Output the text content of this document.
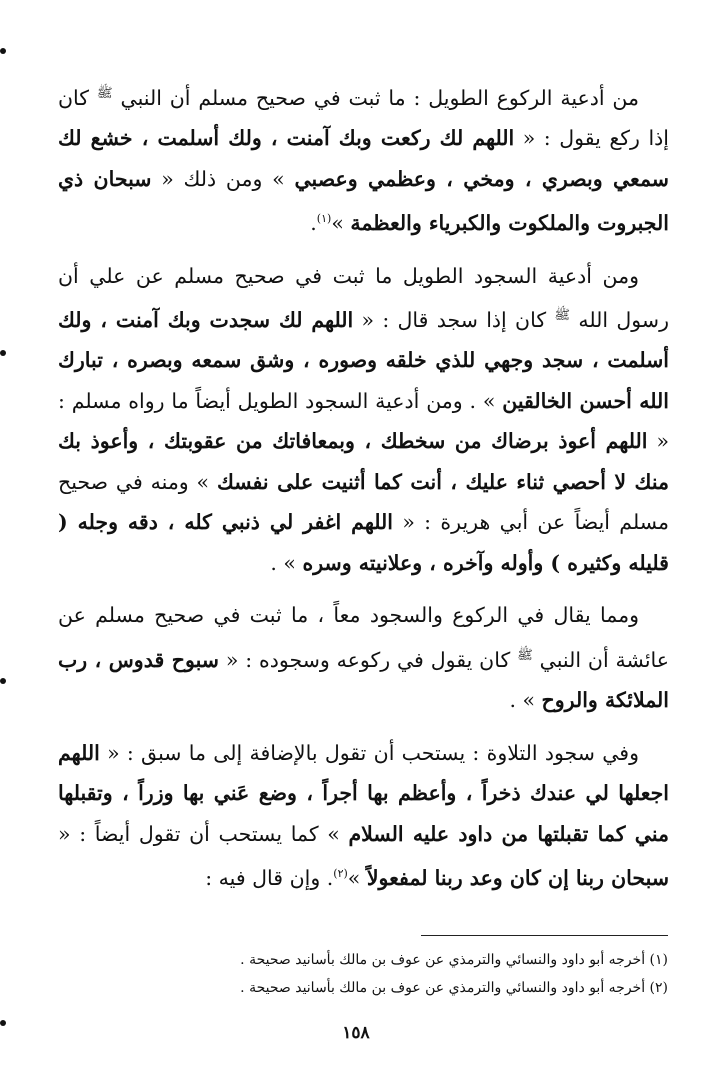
من أدعية الركوع الطويل : ما ثبت في صحيح مسلم أن النبي $^ﷺ$ كان إذا ركع يقول : « اللهم لك ركعت وبك آمنت ، ولك أسلمت ، خشع لك سمعي وبصري ، ومخي ، وعظمي وعصبي » ومن ذلك « سبحان ذي الجبروت والملكوت والكبرياء والعظمة »$^{(١)}$.

ومن أدعية السجود الطويل ما ثبت في صحيح مسلم عن علي أن رسول الله $^ﷺ$ كان إذا سجد قال : « اللهم لك سجدت وبك آمنت ، ولك أسلمت ، سجد وجهي للذي خلقه وصوره ، وشق سمعه وبصره ، تبارك الله أحسن الخالقين » . ومن أدعية السجود الطويل أيضاً ما رواه مسلم : « اللهم أعوذ برضاك من سخطك ، وبمعافاتك من عقوبتك ، وأعوذ بك منك لا أحصي ثناء عليك ، أنت كما أثنيت على نفسك » ومنه في صحيح مسلم أيضاً عن أبي هريرة : « اللهم اغفر لي ذنبي كله ، دقه وجله ( قليله وكثيره ) وأوله وآخره ، وعلانيته وسره » .

ومما يقال في الركوع والسجود معاً ، ما ثبت في صحيح مسلم عن عائشة أن النبي $^ﷺ$ كان يقول في ركوعه وسجوده : « سبوح قدوس ، رب الملائكة والروح » .

وفي سجود التلاوة : يستحب أن تقول بالإضافة إلى ما سبق : « اللهم اجعلها لي عندك ذخراً ، وأعظم بها أجراً ، وضع عَني بها وزراً ، وتقبلها مني كما تقبلتها من داود عليه السلام » كما يستحب أن تقول أيضاً : « سبحان ربنا إن كان وعد ربنا لمفعولاً »$^{(٢)}$. وإن قال فيه :

(١) أخرجه أبو داود والنسائي والترمذي عن عوف بن مالك بأسانيد صحيحة .
(٢) أخرجه أبو داود والنسائي والترمذي عن عوف بن مالك بأسانيد صحيحة .
١٥٨
